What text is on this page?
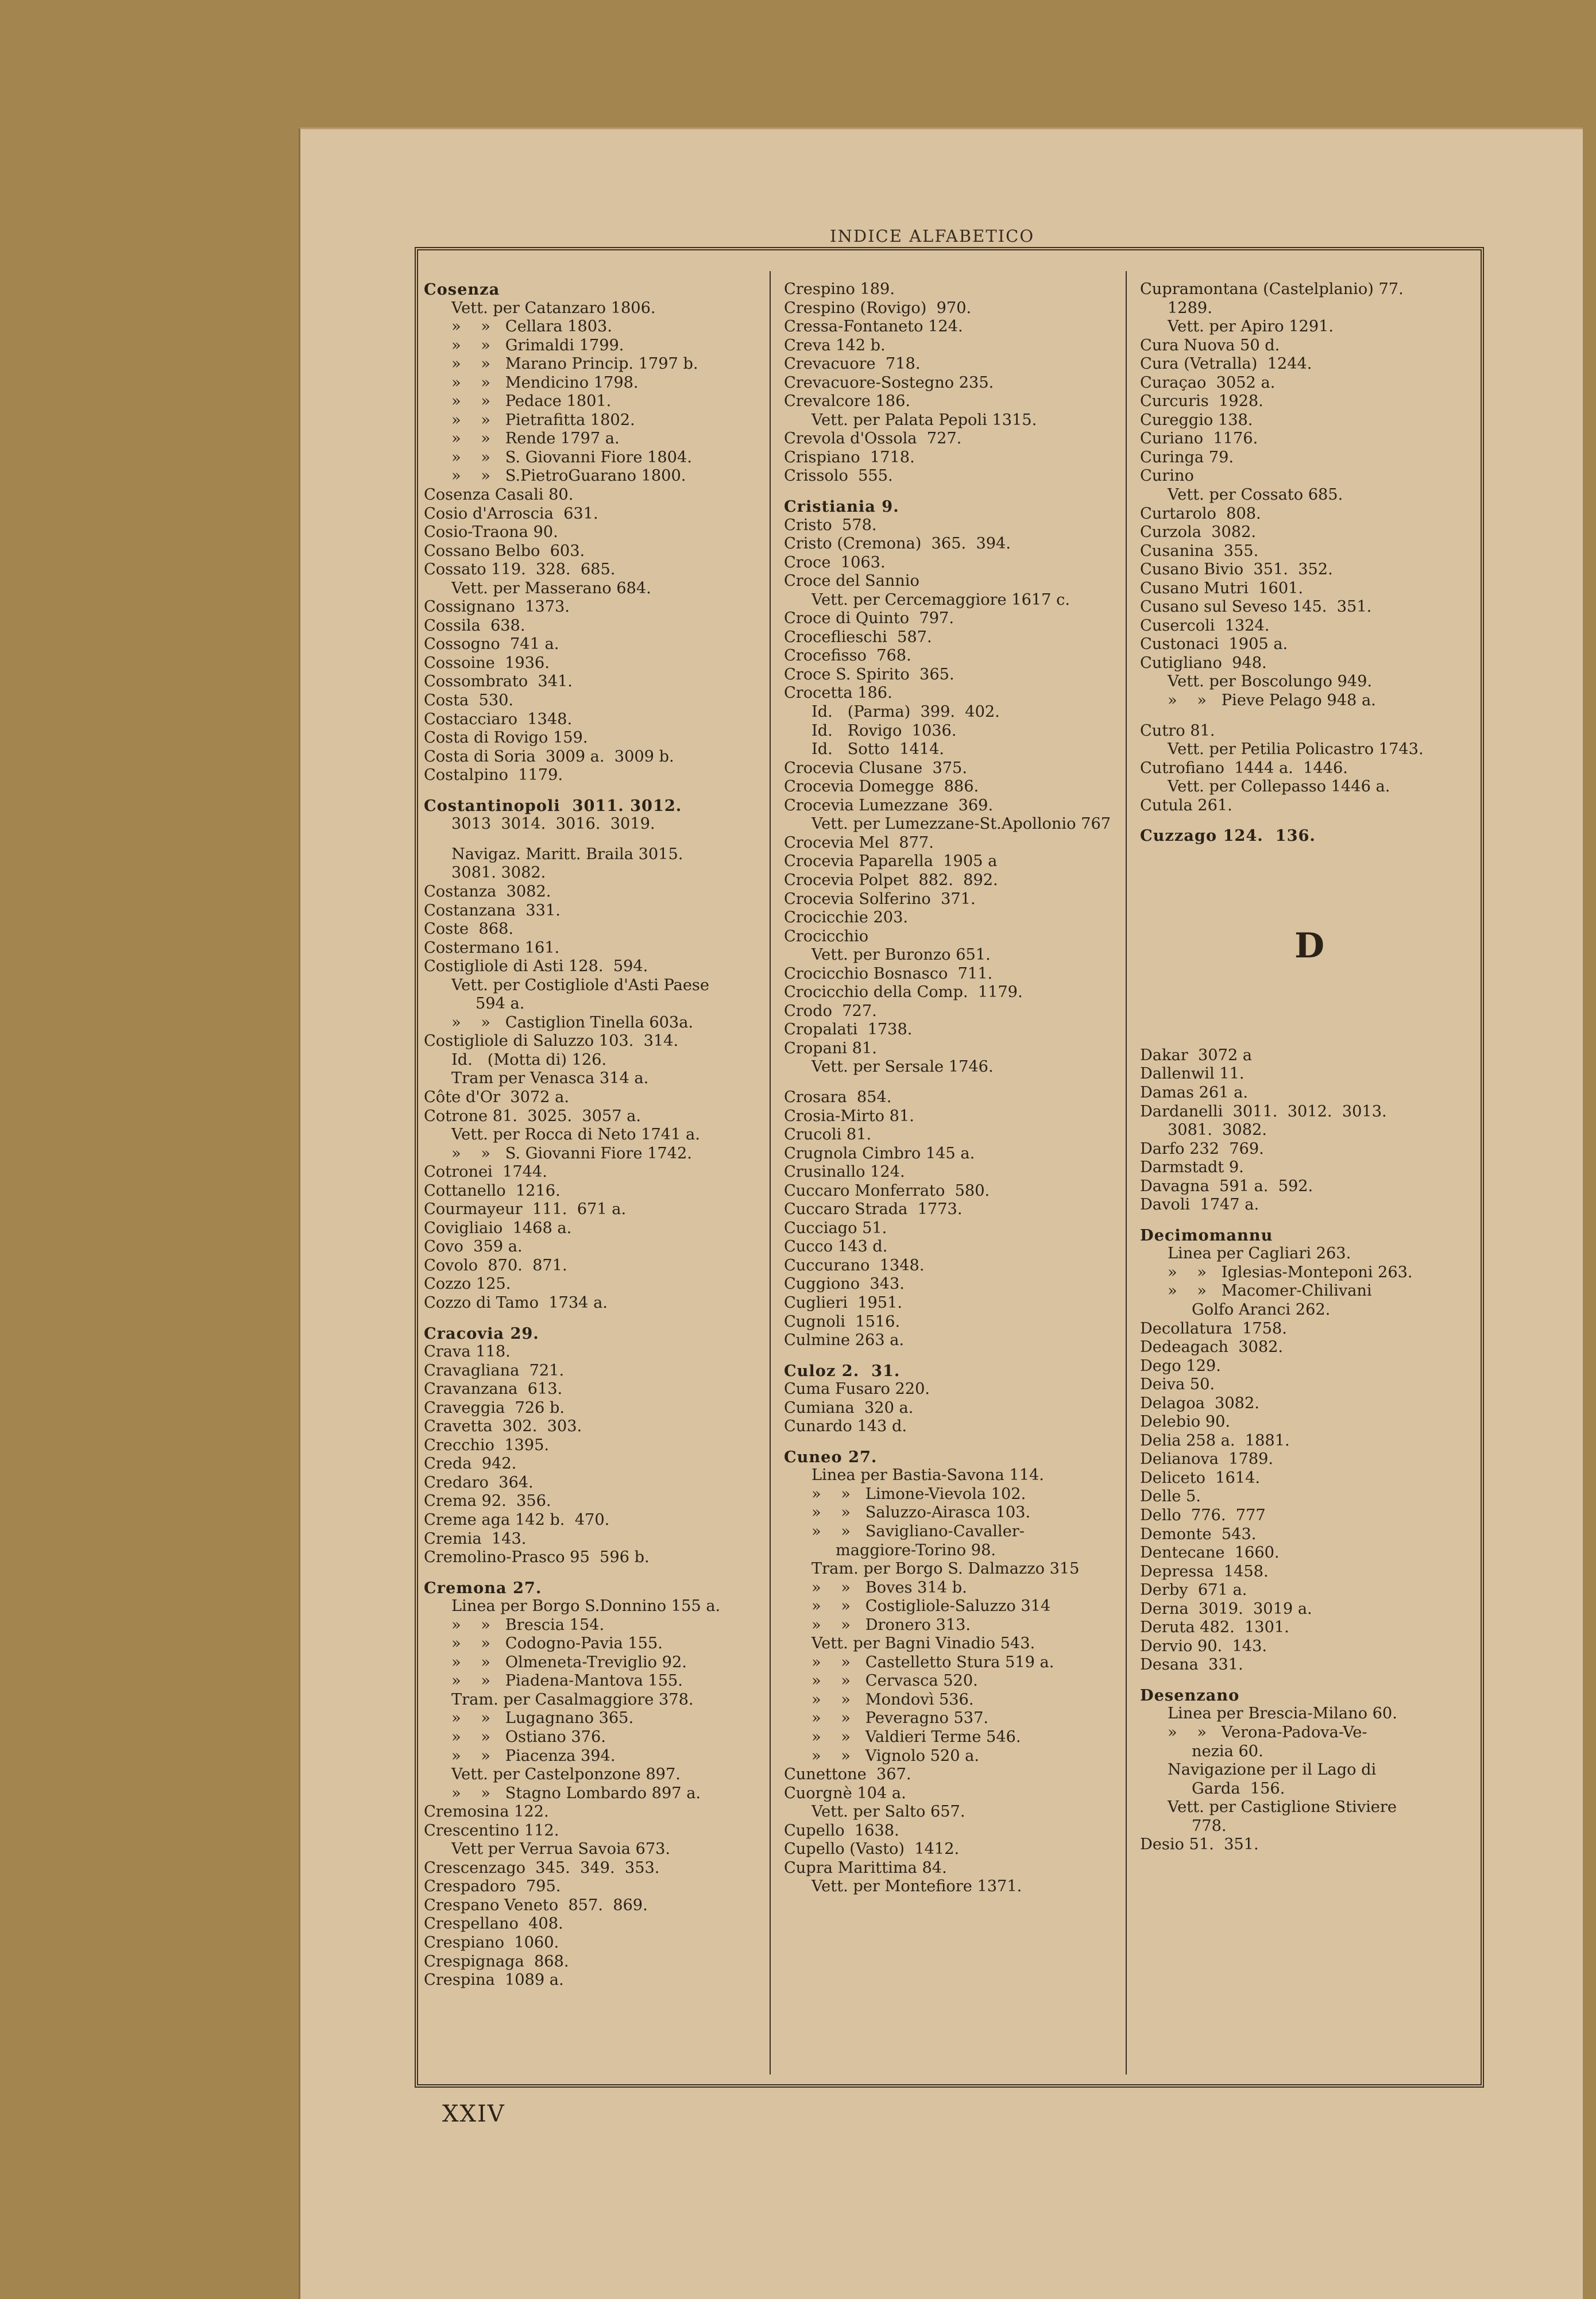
INDICE ALFABETICO
Cosenza
Vett. per Catanzaro 1806.
»    »   Cellara 1803.
»    »   Grimaldi 1799.
»    »   Marano Princip. 1797 b.
»    »   Mendicino 1798.
»    »   Pedace 1801.
»    »   Pietrafitta 1802.
»    »   Rende 1797 a.
»    »   S. Giovanni Fiore 1804.
»    »   S.PietroGuarano 1800.
Cosenza Casali 80.
Cosio d'Arroscia  631.
Cosio-Traona 90.
Cossano Belbo  603.
Cossato 119.  328.  685.
Vett. per Masserano 684.
Cossignano  1373.
Cossila  638.
Cossogno  741 a.
Cossoine  1936.
Cossombrato  341.
Costa  530.
Costacciaro  1348.
Costa di Rovigo 159.
Costa di Soria  3009 a.  3009 b.
Costalpino  1179.
Costantinopoli  3011. 3012.
3013  3014.  3016.  3019.
Navigaz. Maritt. Braila 3015.
3081. 3082.
Costanza  3082.
Costanzana  331.
Coste  868.
Costermano 161.
Costigliole di Asti 128.  594.
Vett. per Costigliole d'Asti Paese
594 a.
»    »   Castiglion Tinella 603a.
Costigliole di Saluzzo 103.  314.
Id.   (Motta di) 126.
Tram per Venasca 314 a.
Côte d'Or  3072 a.
Cotrone 81.  3025.  3057 a.
Vett. per Rocca di Neto 1741 a.
»    »   S. Giovanni Fiore 1742.
Cotronei  1744.
Cottanello  1216.
Courmayeur  111.  671 a.
Covigliaio  1468 a.
Covo  359 a.
Covolo  870.  871.
Cozzo 125.
Cozzo di Tamo  1734 a.
Cracovia 29.
Crava 118.
Cravagliana  721.
Cravanzana  613.
Craveggia  726 b.
Cravetta  302.  303.
Crecchio  1395.
Creda  942.
Credaro  364.
Crema 92.  356.
Creme aga 142 b.  470.
Cremia  143.
Cremolino-Prasco 95  596 b.
Cremona 27.
Linea per Borgo S.Donnino 155 a.
»    »   Brescia 154.
»    »   Codogno-Pavia 155.
»    »   Olmeneta-Treviglio 92.
»    »   Piadena-Mantova 155.
Tram. per Casalmaggiore 378.
»    »   Lugagnano 365.
»    »   Ostiano 376.
»    »   Piacenza 394.
Vett. per Castelponzone 897.
»    »   Stagno Lombardo 897 a.
Cremosina 122.
Crescentino 112.
Vett per Verrua Savoia 673.
Crescenzago  345.  349.  353.
Crespadoro  795.
Crespano Veneto  857.  869.
Crespellano  408.
Crespiano  1060.
Crespignaga  868.
Crespina  1089 a.
Crespino 189.
Crespino (Rovigo)  970.
Cressa-Fontaneto 124.
Creva 142 b.
Crevacuore  718.
Crevacuore-Sostegno 235.
Crevalcore 186.
Vett. per Palata Pepoli 1315.
Crevola d'Ossola  727.
Crispiano  1718.
Crissolo  555.
Cristiania 9.
Cristo  578.
Cristo (Cremona)  365.  394.
Croce  1063.
Croce del Sannio
Vett. per Cercemaggiore 1617 c.
Croce di Quinto  797.
Croceflieschi  587.
Crocefisso  768.
Croce S. Spirito  365.
Crocetta 186.
Id.   (Parma)  399.  402.
Id.   Rovigo  1036.
Id.   Sotto  1414.
Crocevia Clusane  375.
Crocevia Domegge  886.
Crocevia Lumezzane  369.
Vett. per Lumezzane-St.Apollonio 767
Crocevia Mel  877.
Crocevia Paparella  1905 a
Crocevia Polpet  882.  892.
Crocevia Solferino  371.
Crocicchie 203.
Crocicchio
Vett. per Buronzo 651.
Crocicchio Bosnasco  711.
Crocicchio della Comp.  1179.
Crodo  727.
Cropalati  1738.
Cropani 81.
Vett. per Sersale 1746.
Crosara  854.
Crosia-Mirto 81.
Crucoli 81.
Crugnola Cimbro 145 a.
Crusinallo 124.
Cuccaro Monferrato  580.
Cuccaro Strada  1773.
Cucciago 51.
Cucco 143 d.
Cuccurano  1348.
Cuggiono  343.
Cuglieri  1951.
Cugnoli  1516.
Culmine 263 a.
Culoz 2.  31.
Cuma Fusaro 220.
Cumiana  320 a.
Cunardo 143 d.
Cuneo 27.
Linea per Bastia-Savona 114.
»    »   Limone-Vievola 102.
»    »   Saluzzo-Airasca 103.
»    »   Savigliano-Cavaller-
maggiore-Torino 98.
Tram. per Borgo S. Dalmazzo 315
»    »   Boves 314 b.
»    »   Costigliole-Saluzzo 314
»    »   Dronero 313.
Vett. per Bagni Vinadio 543.
»    »   Castelletto Stura 519 a.
»    »   Cervasca 520.
»    »   Mondovì 536.
»    »   Peveragno 537.
»    »   Valdieri Terme 546.
»    »   Vignolo 520 a.
Cunettone  367.
Cuorgnè 104 a.
Vett. per Salto 657.
Cupello  1638.
Cupello (Vasto)  1412.
Cupra Marittima 84.
Vett. per Montefiore 1371.
Cupramontana (Castelplanio) 77.
1289.
Vett. per Apiro 1291.
Cura Nuova 50 d.
Cura (Vetralla)  1244.
Curaçao  3052 a.
Curcuris  1928.
Cureggio 138.
Curiano  1176.
Curinga 79.
Curino
Vett. per Cossato 685.
Curtarolo  808.
Curzola  3082.
Cusanina  355.
Cusano Bivio  351.  352.
Cusano Mutri  1601.
Cusano sul Seveso 145.  351.
Cusercoli  1324.
Custonaci  1905 a.
Cutigliano  948.
Vett. per Boscolungo 949.
»    »   Pieve Pelago 948 a.
Cutro 81.
Vett. per Petilia Policastro 1743.
Cutrofiano  1444 a.  1446.
Vett. per Collepasso 1446 a.
Cutula 261.
Cuzzago 124.  136.
D
Dakar  3072 a
Dallenwil 11.
Damas 261 a.
Dardanelli  3011.  3012.  3013.
3081.  3082.
Darfo 232  769.
Darmstadt 9.
Davagna  591 a.  592.
Davoli  1747 a.
Decimomannu
Linea per Cagliari 263.
»    »   Iglesias-Monteponi 263.
»    »   Macomer-Chilivani
Golfo Aranci 262.
Decollatura  1758.
Dedeagach  3082.
Dego 129.
Deiva 50.
Delagoa  3082.
Delebio 90.
Delia 258 a.  1881.
Delianova  1789.
Deliceto  1614.
Delle 5.
Dello  776.  777
Demonte  543.
Dentecane  1660.
Depressa  1458.
Derby  671 a.
Derna  3019.  3019 a.
Deruta 482.  1301.
Dervio 90.  143.
Desana  331.
Desenzano
Linea per Brescia-Milano 60.
»    »   Verona-Padova-Ve-
nezia 60.
Navigazione per il Lago di
Garda  156.
Vett. per Castiglione Stiviere
778.
Desio 51.  351.
XXIV
